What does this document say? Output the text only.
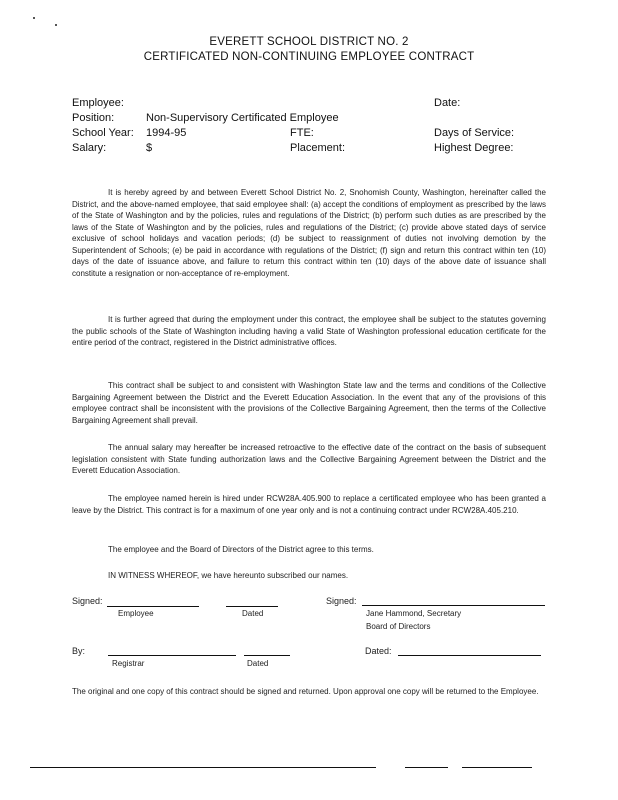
EVERETT SCHOOL DISTRICT NO. 2
CERTIFICATED NON-CONTINUING EMPLOYEE CONTRACT
Employee:	Date:
Position:	Non-Supervisory Certificated Employee
School Year: 1994-95	FTE:	Days of Service:
Salary:	$	Placement:	Highest Degree:
It is hereby agreed by and between Everett School District No. 2, Snohomish County, Washington, hereinafter called the District, and the above-named employee, that said employee shall: (a) accept the conditions of employment as prescribed by the laws of the State of Washington and by the policies, rules and regulations of the District; (b) perform such duties as are prescribed by the laws of the State of Washington and by the policies, rules and regulations of the District; (c) provide above stated days of service exclusive of school holidays and vacation periods; (d) be subject to reassignment of duties not involving demotion by the Superintendent of Schools; (e) be paid in accordance with regulations of the District; (f) sign and return this contract within ten (10) days of the date of issuance above, and failure to return this contract within ten (10) days of the above date of issuance shall constitute a resignation or non-acceptance of re-employment.
It is further agreed that during the employment under this contract, the employee shall be subject to the statutes governing the public schools of the State of Washington including having a valid State of Washington professional education certificate for the entire period of the contract, registered in the District administrative offices.
This contract shall be subject to and consistent with Washington State law and the terms and conditions of the Collective Bargaining Agreement between the District and the Everett Education Association. In the event that any of the provisions of this employee contract shall be inconsistent with the provisions of the Collective Bargaining Agreement, then the terms of the Collective Bargaining Agreement shall prevail.
The annual salary may hereafter be increased retroactive to the effective date of the contract on the basis of subsequent legislation consistent with State funding authorization laws and the Collective Bargaining Agreement between the District and the Everett Education Association.
The employee named herein is hired under RCW28A.405.900 to replace a certificated employee who has been granted a leave by the District. This contract is for a maximum of one year only and is not a continuing contract under RCW28A.405.210.
The employee and the Board of Directors of the District agree to this terms.
IN WITNESS WHEREOF, we have hereunto subscribed our names.
Signed:
Employee	Dated
Signed:
Jane Hammond, Secretary
Board of Directors
By:
Registrar	Dated
Dated:
The original and one copy of this contract should be signed and returned. Upon approval one copy will be returned to the Employee.
